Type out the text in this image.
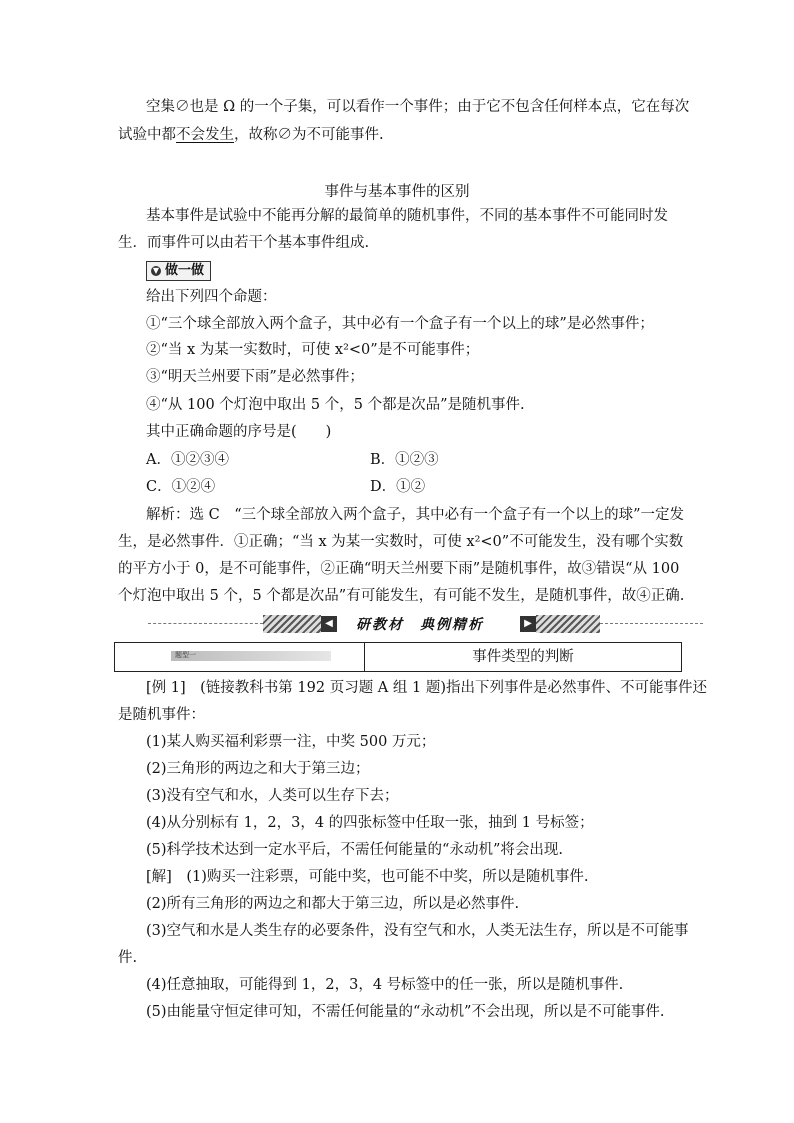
空集∅也是 Ω 的一个子集，可以看作一个事件；由于它不包含任何样本点，它在每次
试验中都不会发生，故称∅为不可能事件.
事件与基本事件的区别
基本事件是试验中不能再分解的最简单的随机事件，不同的基本事件不可能同时发
生．而事件可以由若干个基本事件组成.
▼ 做一做
给出下列四个命题：
①“三个球全部放入两个盒子，其中必有一个盒子有一个以上的球”是必然事件；
②“当 x 为某一实数时，可使 x²<0”是不可能事件；
③“明天兰州要下雨”是必然事件；
④“从 100 个灯泡中取出 5 个，5 个都是次品”是随机事件.
其中正确命题的序号是(　　)
A．①②③④	B．①②③
C．①②④	D．①②
解析：选 C　“三个球全部放入两个盒子，其中必有一个盒子有一个以上的球”一定发
生，是必然事件．①正确；“当 x 为某一实数时，可使 x²<0”不可能发生，没有哪个实数
的平方小于 0，是不可能事件，②正确“明天兰州要下雨”是随机事件，故③错误“从 100
个灯泡中取出 5 个，5 个都是次品”有可能发生，有可能不发生，是随机事件，故④正确.
◀	研教材　典例精析	▶
题型一	事件类型的判断
[例 1]　(链接教科书第 192 页习题 A 组 1 题)指出下列事件是必然事件、不可能事件还
是随机事件：
(1)某人购买福利彩票一注，中奖 500 万元；
(2)三角形的两边之和大于第三边；
(3)没有空气和水，人类可以生存下去；
(4)从分别标有 1，2，3，4 的四张标签中任取一张，抽到 1 号标签；
(5)科学技术达到一定水平后，不需任何能量的“永动机”将会出现.
[解]　(1)购买一注彩票，可能中奖，也可能不中奖，所以是随机事件.
(2)所有三角形的两边之和都大于第三边，所以是必然事件.
(3)空气和水是人类生存的必要条件，没有空气和水，人类无法生存，所以是不可能事
件.
(4)任意抽取，可能得到 1，2，3，4 号标签中的任一张，所以是随机事件.
(5)由能量守恒定律可知，不需任何能量的“永动机”不会出现，所以是不可能事件.
